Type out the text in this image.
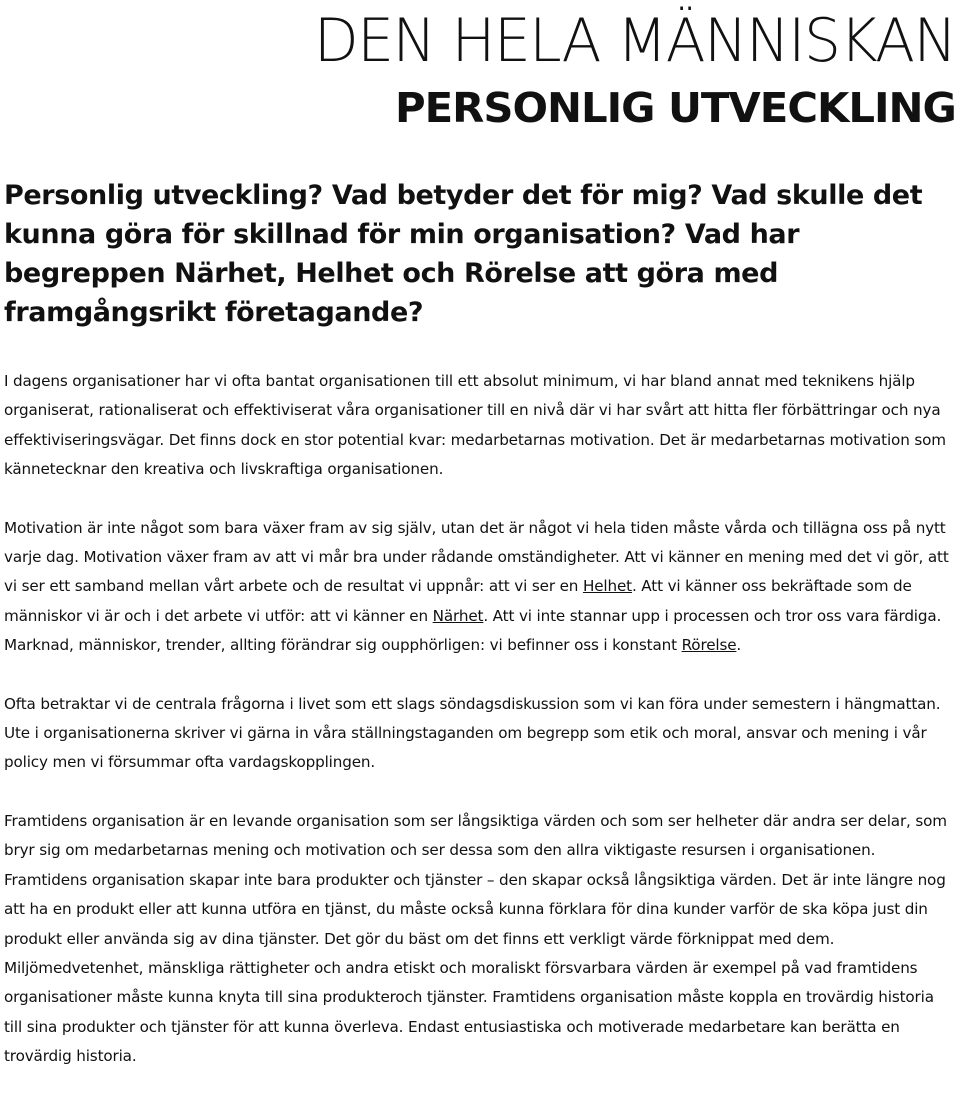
DEN HELA MÄNNISKAN
PERSONLIG UTVECKLING

Personlig utveckling? Vad betyder det för mig? Vad skulle det kunna göra för skillnad för min organisation? Vad har begreppen Närhet, Helhet och Rörelse att göra med framgångsrikt företagande?

I dagens organisationer har vi ofta bantat organisationen till ett absolut minimum, vi har bland annat med teknikens hjälp organiserat, rationaliserat och effektiviserat våra organisationer till en nivå där vi har svårt att hitta fler förbättringar och nya effektiviseringsvägar. Det finns dock en stor potential kvar: medarbetarnas motivation. Det är medarbetarnas motivation som kännetecknar den kreativa och livskraftiga organisationen.

Motivation är inte något som bara växer fram av sig själv, utan det är något vi hela tiden måste vårda och tillägna oss på nytt varje dag. Motivation växer fram av att vi mår bra under rådande omständigheter. Att vi känner en mening med det vi gör, att vi ser ett samband mellan vårt arbete och de resultat vi uppnår: att vi ser en Helhet. Att vi känner oss bekräftade som de människor vi är och i det arbete vi utför: att vi känner en Närhet. Att vi inte stannar upp i processen och tror oss vara färdiga. Marknad, människor, trender, allting förändrar sig oupphörligen: vi befinner oss i konstant Rörelse.

Ofta betraktar vi de centrala frågorna i livet som ett slags söndagsdiskussion som vi kan föra under semestern i hängmattan. Ute i organisationerna skriver vi gärna in våra ställningstaganden om begrepp som etik och moral, ansvar och mening i vår policy men vi försummar ofta vardagskopplingen.

Framtidens organisation är en levande organisation som ser långsiktiga värden och som ser helheter där andra ser delar, som bryr sig om medarbetarnas mening och motivation och ser dessa som den allra viktigaste resursen i organisationen. Framtidens organisation skapar inte bara produkter och tjänster – den skapar också långsiktiga värden. Det är inte längre nog att ha en produkt eller att kunna utföra en tjänst, du måste också kunna förklara för dina kunder varför de ska köpa just din produkt eller använda sig av dina tjänster. Det gör du bäst om det finns ett verkligt värde förknippat med dem. Miljömedvetenhet, mänskliga rättigheter och andra etiskt och moraliskt försvarbara värden är exempel på vad framtidens organisationer måste kunna knyta till sina produkteroch tjänster. Framtidens organisation måste koppla en trovärdig historia till sina produkter och tjänster för att kunna överleva. Endast entusiastiska och motiverade medarbetare kan berätta en trovärdig historia.
